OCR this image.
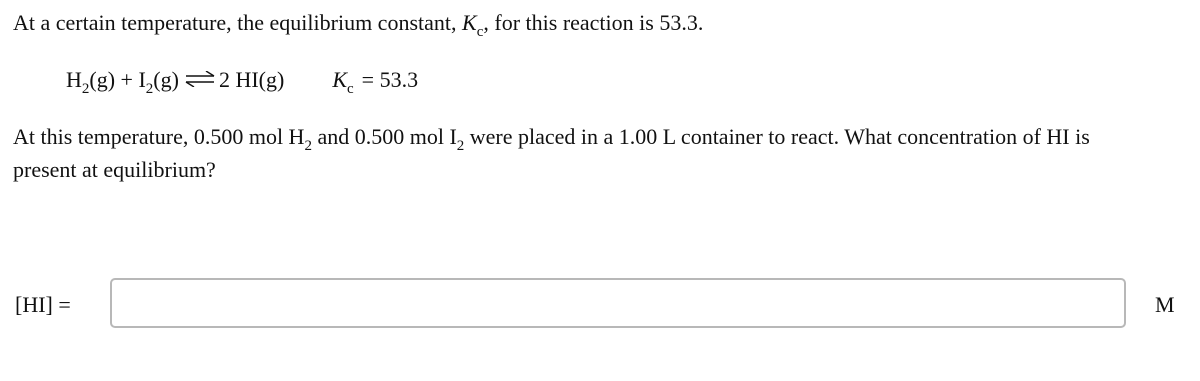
At a certain temperature, the equilibrium constant, $K_c$, for this reaction is 53.3.
$H_2(g) + I_2(g)$ ⇌ 2 HI(g) $K_c = 53.3$
At this temperature, 0.500 mol $H_2$ and 0.500 mol $I_2$ were placed in a 1.00 L container to react. What concentration of HI is
present at equilibrium?
[HI] =	M
